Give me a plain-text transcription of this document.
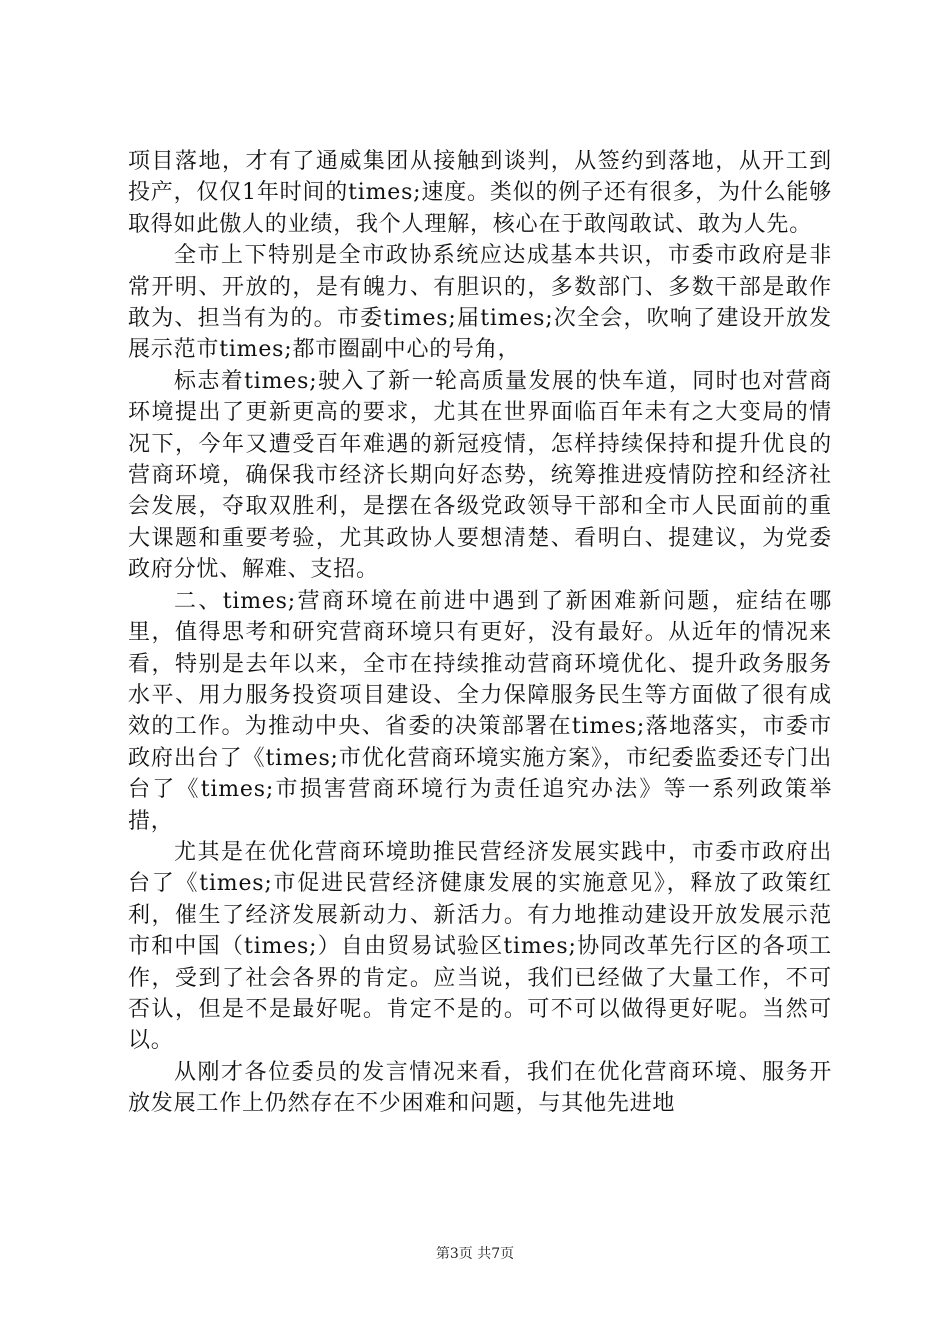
项目落地，才有了通威集团从接触到谈判，从签约到落地，从开工到投产，仅仅1年时间的times;速度。类似的例子还有很多，为什么能够取得如此傲人的业绩，我个人理解，核心在于敢闯敢试、敢为人先。

全市上下特别是全市政协系统应达成基本共识，市委市政府是非常开明、开放的，是有魄力、有胆识的，多数部门、多数干部是敢作敢为、担当有为的。市委times;届times;次全会，吹响了建设开放发展示范市times;都市圈副中心的号角，

标志着times;驶入了新一轮高质量发展的快车道，同时也对营商环境提出了更新更高的要求，尤其在世界面临百年未有之大变局的情况下，今年又遭受百年难遇的新冠疫情，怎样持续保持和提升优良的营商环境，确保我市经济长期向好态势，统筹推进疫情防控和经济社会发展，夺取双胜利，是摆在各级党政领导干部和全市人民面前的重大课题和重要考验，尤其政协人要想清楚、看明白、提建议，为党委政府分忧、解难、支招。

二、times;营商环境在前进中遇到了新困难新问题，症结在哪里，值得思考和研究营商环境只有更好，没有最好。从近年的情况来看，特别是去年以来，全市在持续推动营商环境优化、提升政务服务水平、用力服务投资项目建设、全力保障服务民生等方面做了很有成效的工作。为推动中央、省委的决策部署在times;落地落实，市委市政府出台了《times;市优化营商环境实施方案》，市纪委监委还专门出台了《times;市损害营商环境行为责任追究办法》等一系列政策举措，

尤其是在优化营商环境助推民营经济发展实践中，市委市政府出台了《times;市促进民营经济健康发展的实施意见》，释放了政策红利，催生了经济发展新动力、新活力。有力地推动建设开放发展示范市和中国（times;）自由贸易试验区times;协同改革先行区的各项工作，受到了社会各界的肯定。应当说，我们已经做了大量工作，不可否认，但是不是最好呢。肯定不是的。可不可以做得更好呢。当然可以。

从刚才各位委员的发言情况来看，我们在优化营商环境、服务开放发展工作上仍然存在不少困难和问题，与其他先进地

第3页 共7页
